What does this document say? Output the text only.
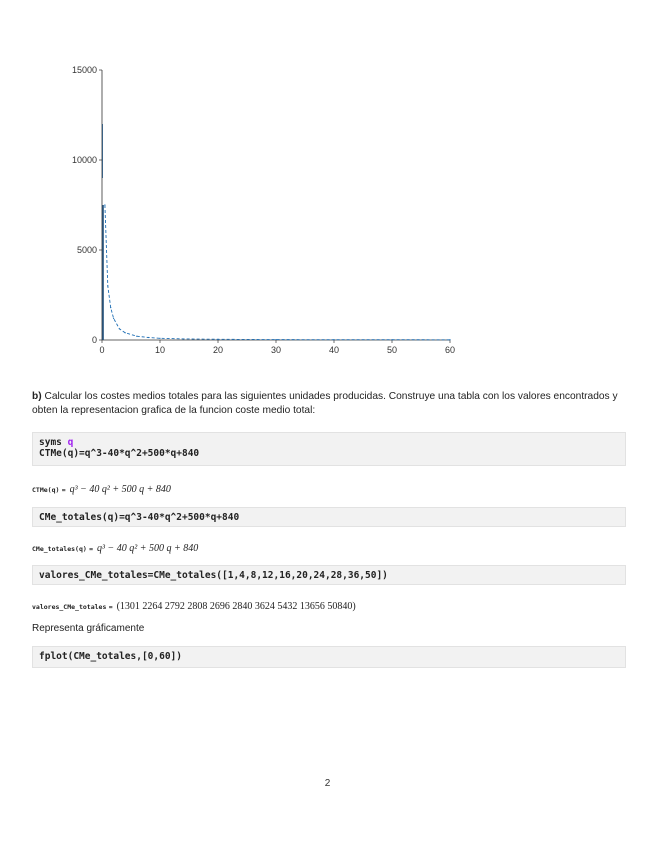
0	10	20	30	40	50	60
0
5000
10000
15000
b) Calcular los costes medios totales para las siguientes unidades producidas. Construye una tabla con los valores encontrados y obten la representacion grafica de la funcion coste medio total:
syms q
CTMe(q)=q^3-40*q^2+500*q+840
CTMe(q) = q³ − 40 q² + 500 q + 840
CMe_totales(q)=q^3-40*q^2+500*q+840
CMe_totales(q) = q³ − 40 q² + 500 q + 840
valores_CMe_totales=CMe_totales([1,4,8,12,16,20,24,28,36,50])
valores_CMe_totales = (1301 2264 2792 2808 2696 2840 3624 5432 13656 50840)
Representa gráficamente
fplot(CMe_totales,[0,60])
2
